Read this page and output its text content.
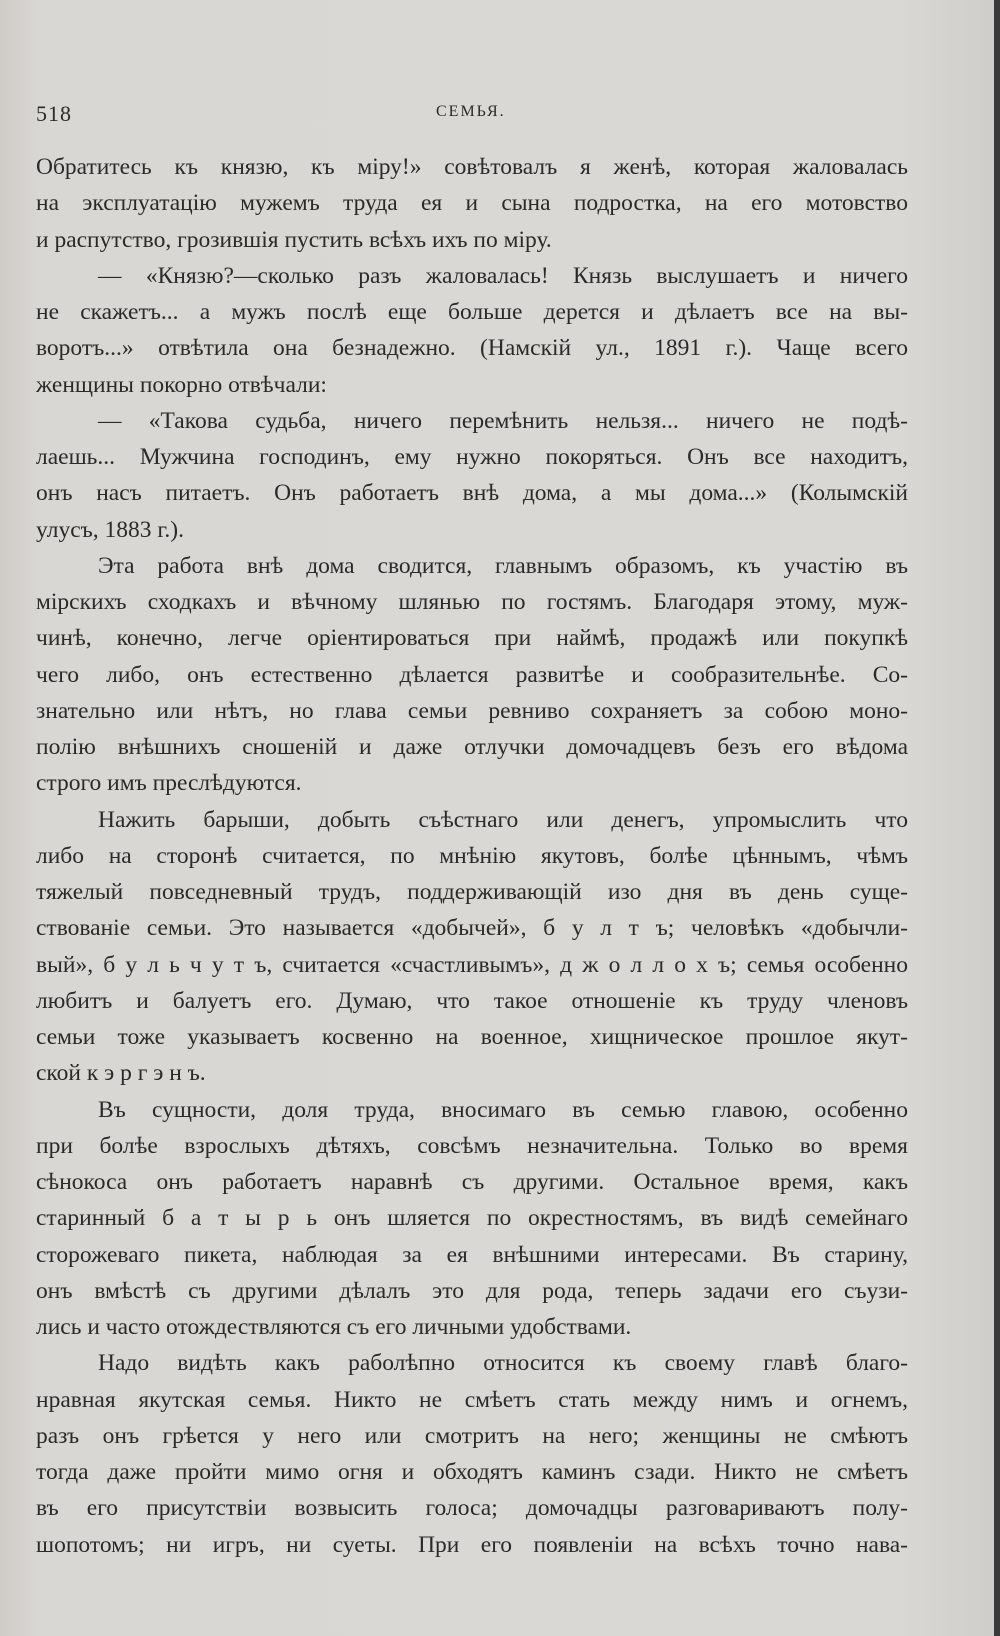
518	СЕМЬЯ.
Обратитесь къ князю, къ міру!» совѣтовалъ я женѣ, которая жаловалась
на эксплуатацію мужемъ труда ея и сына подростка, на его мотовство
и распутство, грозившія пустить всѣхъ ихъ по міру.
— «Князю?—сколько разъ жаловалась! Князь выслушаетъ и ничего
не скажетъ... а мужъ послѣ еще больше дерется и дѣлаетъ все на вы-
воротъ...» отвѣтила она безнадежно. (Намскій ул., 1891 г.). Чаще всего
женщины покорно отвѣчали:
— «Такова судьба, ничего перемѣнить нельзя... ничего не подѣ-
лаешь... Мужчина господинъ, ему нужно покоряться. Онъ все находитъ,
онъ насъ питаетъ. Онъ работаетъ внѣ дома, а мы дома...» (Колымскій
улусъ, 1883 г.).
Эта работа внѣ дома сводится, главнымъ образомъ, къ участію въ
мірскихъ сходкахъ и вѣчному шлянью по гостямъ. Благодаря этому, муж-
чинѣ, конечно, легче оріентироваться при наймѣ, продажѣ или покупкѣ
чего либо, онъ естественно дѣлается развитѣе и сообразительнѣе. Со-
знательно или нѣтъ, но глава семьи ревниво сохраняетъ за собою моно-
полію внѣшнихъ сношеній и даже отлучки домочадцевъ безъ его вѣдома
строго имъ преслѣдуются.
Нажить барыши, добыть съѣстнаго или денегъ, упромыслить что
либо на сторонѣ считается, по мнѣнію якутовъ, болѣе цѣннымъ, чѣмъ
тяжелый повседневный трудъ, поддерживающій изо дня въ день суще-
ствованіе семьи. Это называется «добычей», б у л т ъ; человѣкъ «добычли-
вый», б у л ь ч у т ъ, считается «счастливымъ», д ж о л л о х ъ; семья особенно
любитъ и балуетъ его. Думаю, что такое отношеніе къ труду членовъ
семьи тоже указываетъ косвенно на военное, хищническое прошлое якут-
ской к э р г э н ъ.
Въ сущности, доля труда, вносимаго въ семью главою, особенно
при болѣе взрослыхъ дѣтяхъ, совсѣмъ незначительна. Только во время
сѣнокоса онъ работаетъ наравнѣ съ другими. Остальное время, какъ
старинный б а т ы р ь онъ шляется по окрестностямъ, въ видѣ семейнаго
сторожеваго пикета, наблюдая за ея внѣшними интересами. Въ старину,
онъ вмѣстѣ съ другими дѣлалъ это для рода, теперь задачи его съузи-
лись и часто отождествляются съ его личными удобствами.
Надо видѣть какъ раболѣпно относится къ своему главѣ благо-
нравная якутская семья. Никто не смѣетъ стать между нимъ и огнемъ,
разъ онъ грѣется у него или смотритъ на него; женщины не смѣютъ
тогда даже пройти мимо огня и обходятъ каминъ сзади. Никто не смѣетъ
въ его присутствіи возвысить голоса; домочадцы разговариваютъ полу-
шопотомъ; ни игръ, ни суеты. При его появленіи на всѣхъ точно нава-
